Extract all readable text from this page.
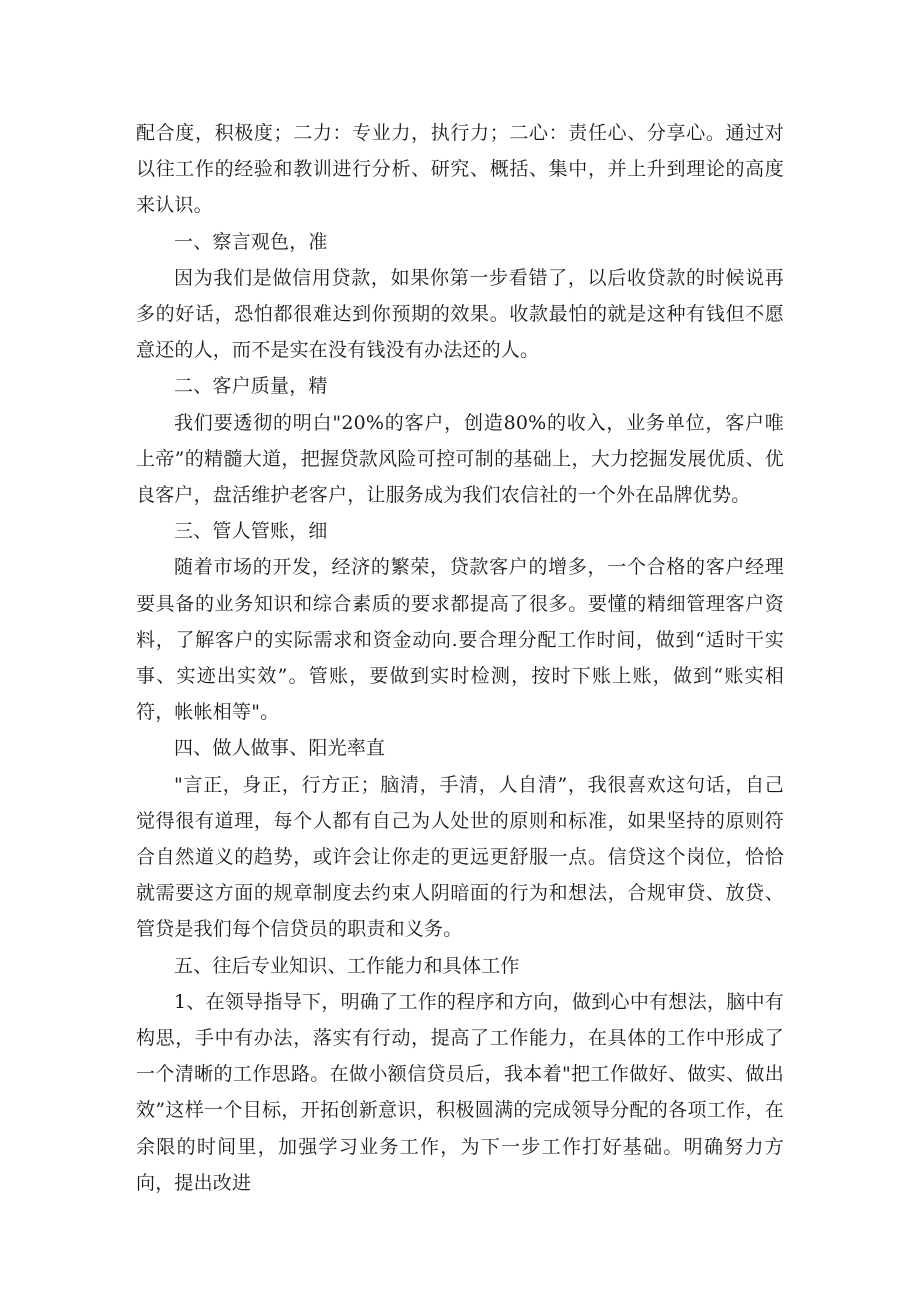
配合度，积极度；二力：专业力，执行力；二心：责任心、分享心。通过对以往工作的经验和教训进行分析、研究、概括、集中，并上升到理论的高度来认识。

一、察言观色，准

因为我们是做信用贷款，如果你第一步看错了，以后收贷款的时候说再多的好话，恐怕都很难达到你预期的效果。收款最怕的就是这种有钱但不愿意还的人，而不是实在没有钱没有办法还的人。

二、客户质量，精

我们要透彻的明白"20%的客户，创造80%的收入，业务单位，客户唯上帝”的精髓大道，把握贷款风险可控可制的基础上，大力挖掘发展优质、优良客户，盘活维护老客户，让服务成为我们农信社的一个外在品牌优势。

三、管人管账，细

随着市场的开发，经济的繁荣，贷款客户的增多，一个合格的客户经理要具备的业务知识和综合素质的要求都提高了很多。要懂的精细管理客户资料，了解客户的实际需求和资金动向.要合理分配工作时间，做到“适时干实事、实迹出实效”。管账，要做到实时检测，按时下账上账，做到“账实相符，帐帐相等"。

四、做人做事、阳光率直

"言正，身正，行方正；脑清，手清，人自清”，我很喜欢这句话，自己觉得很有道理，每个人都有自己为人处世的原则和标准，如果坚持的原则符合自然道义的趋势，或许会让你走的更远更舒服一点。信贷这个岗位，恰恰就需要这方面的规章制度去约束人阴暗面的行为和想法，合规审贷、放贷、管贷是我们每个信贷员的职责和义务。

五、往后专业知识、工作能力和具体工作

1、在领导指导下，明确了工作的程序和方向，做到心中有想法，脑中有构思，手中有办法，落实有行动，提高了工作能力，在具体的工作中形成了一个清晰的工作思路。在做小额信贷员后，我本着"把工作做好、做实、做出效”这样一个目标，开拓创新意识，积极圆满的完成领导分配的各项工作，在余限的时间里，加强学习业务工作，为下一步工作打好基础。明确努力方向，提出改进
